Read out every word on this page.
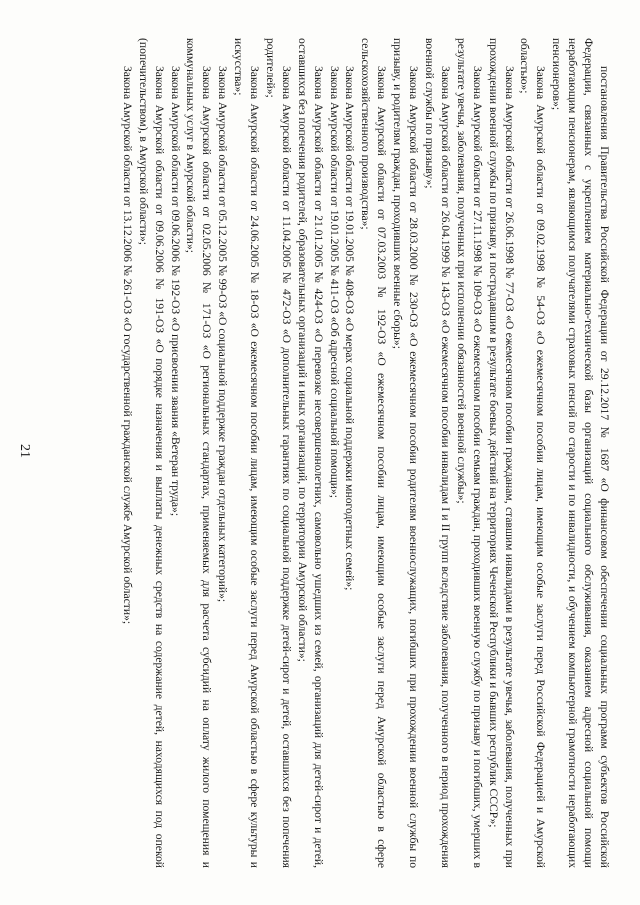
21	постановления Правительства Российской Федерации от 29.12.2017 № 1687 «О финансовом обеспечении социальных программ субъектов Российской Федерации, связанных с укреплением материально-технической базы организаций социального обслуживания, оказанием адресной социальной помощи неработающим пенсионерам, являющимся получателями страховых пенсий по старости и по инвалидности, и обучением компьютерной грамотности неработающих пенсионеров»;

Закона Амурской области от 09.02.1998 № 54-ОЗ «О ежемесячном пособии лицам, имеющим особые заслуги перед Российской Федерацией и Амурской областью»;

Закона Амурской области от 26.06.1998 № 77-ОЗ «О ежемесячном пособии гражданам, ставшим инвалидами в результате увечья, заболевания, полученных при прохождении военной службы по призыву, и пострадавшим в результате боевых действий на территориях Чеченской Республики и бывших республик СССР»;

Закона Амурской области от 27.11.1998 № 109-ОЗ «О ежемесячном пособии семьям граждан, проходивших военную службу по призыву и погибших, умерших в результате увечья, заболевания, полученных при исполнении обязанностей военной службы»;

Закона Амурской области от 26.04.1999 № 143-ОЗ «О ежемесячном пособии инвалидам I и II групп вследствие заболевания, полученного в период прохождения военной службы по призыву»;

Закона Амурской области от 28.03.2000 № 230-ОЗ «О ежемесячном пособии родителям военнослужащих, погибших при прохождении военной службы по призыву, и родителям граждан, проходивших военные сборы»;

Закона Амурской области от 07.03.2003 № 192-ОЗ «О ежемесячном пособии лицам, имеющим особые заслуги перед Амурской областью в сфере сельскохозяйственного производства»;

Закона Амурской области от 19.01.2005 № 408-ОЗ «О мерах социальной поддержки многодетных семей»;

Закона Амурской области от 19.01.2005 № 411-ОЗ «Об адресной социальной помощи»;

Закона Амурской области от 21.01.2005 № 424-ОЗ «О перевозке несовершеннолетних, самовольно ушедших из семей, организаций для детей-сирот и детей, оставшихся без попечения родителей, образовательных организаций и иных организаций, по территории Амурской области»;

Закона Амурской области от 11.04.2005 № 472-ОЗ «О дополнительных гарантиях по социальной поддержке детей-сирот и детей, оставшихся без попечения родителей»;

Закона Амурской области от 24.06.2005 № 18-ОЗ «О ежемесячном пособии лицам, имеющим особые заслуги перед Амурской областью в сфере культуры и искусства»;

Закона Амурской области от 05.12.2005 № 99-ОЗ «О социальной поддержке граждан отдельных категорий»;

Закона Амурской области от 02.05.2006 № 171-ОЗ «О региональных стандартах, применяемых для расчета субсидий на оплату жилого помещения и коммунальных услуг в Амурской области»;

Закона Амурской области от 09.06.2006 № 192-ОЗ «О присвоении звания «Ветеран труда»;

Закона Амурской области от 09.06.2006 № 191-ОЗ «О порядке назначения и выплаты денежных средств на содержание детей, находящихся под опекой (попечительством), в Амурской области»;

Закона Амурской области от 13.12.2006 № 261-ОЗ «О государственной гражданской службе Амурской области»;
